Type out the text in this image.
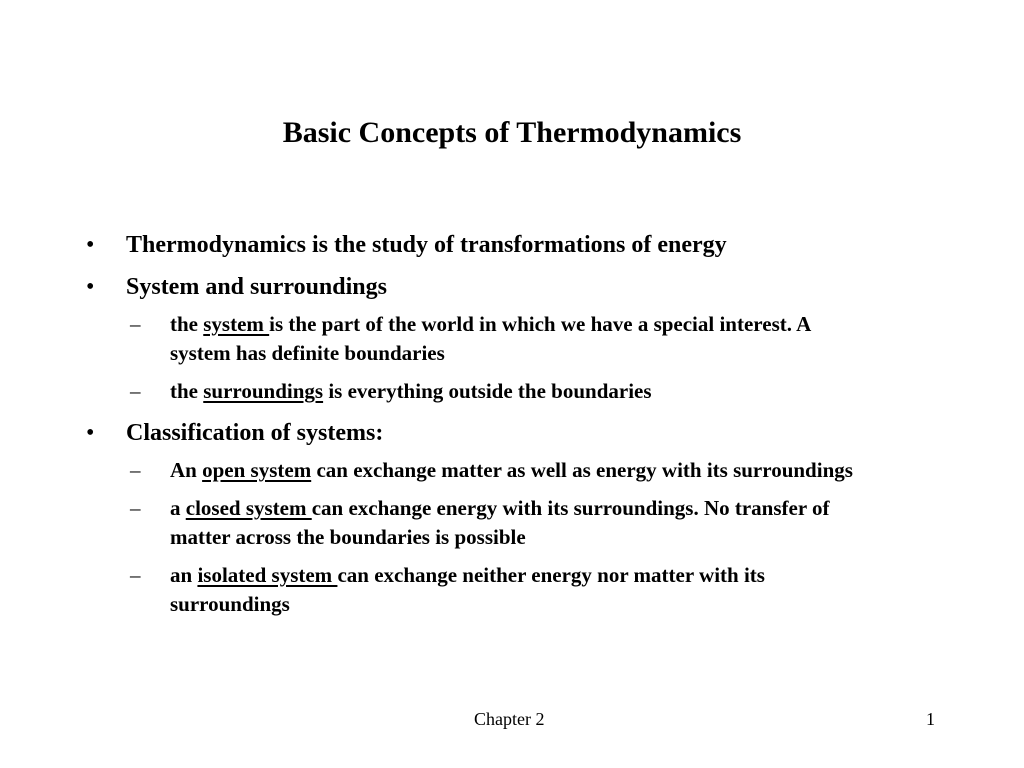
Basic Concepts of Thermodynamics
• Thermodynamics is the study of transformations of energy
• System and surroundings
– the system is the part of the world in which we have a special interest. A system has definite boundaries
– the surroundings is everything outside the boundaries
• Classification of systems:
– An open system can exchange matter as well as energy with its surroundings
– a closed system can exchange energy with its surroundings. No transfer of matter across the boundaries is possible
– an isolated system can exchange neither energy nor matter with its surroundings
Chapter 2	1
